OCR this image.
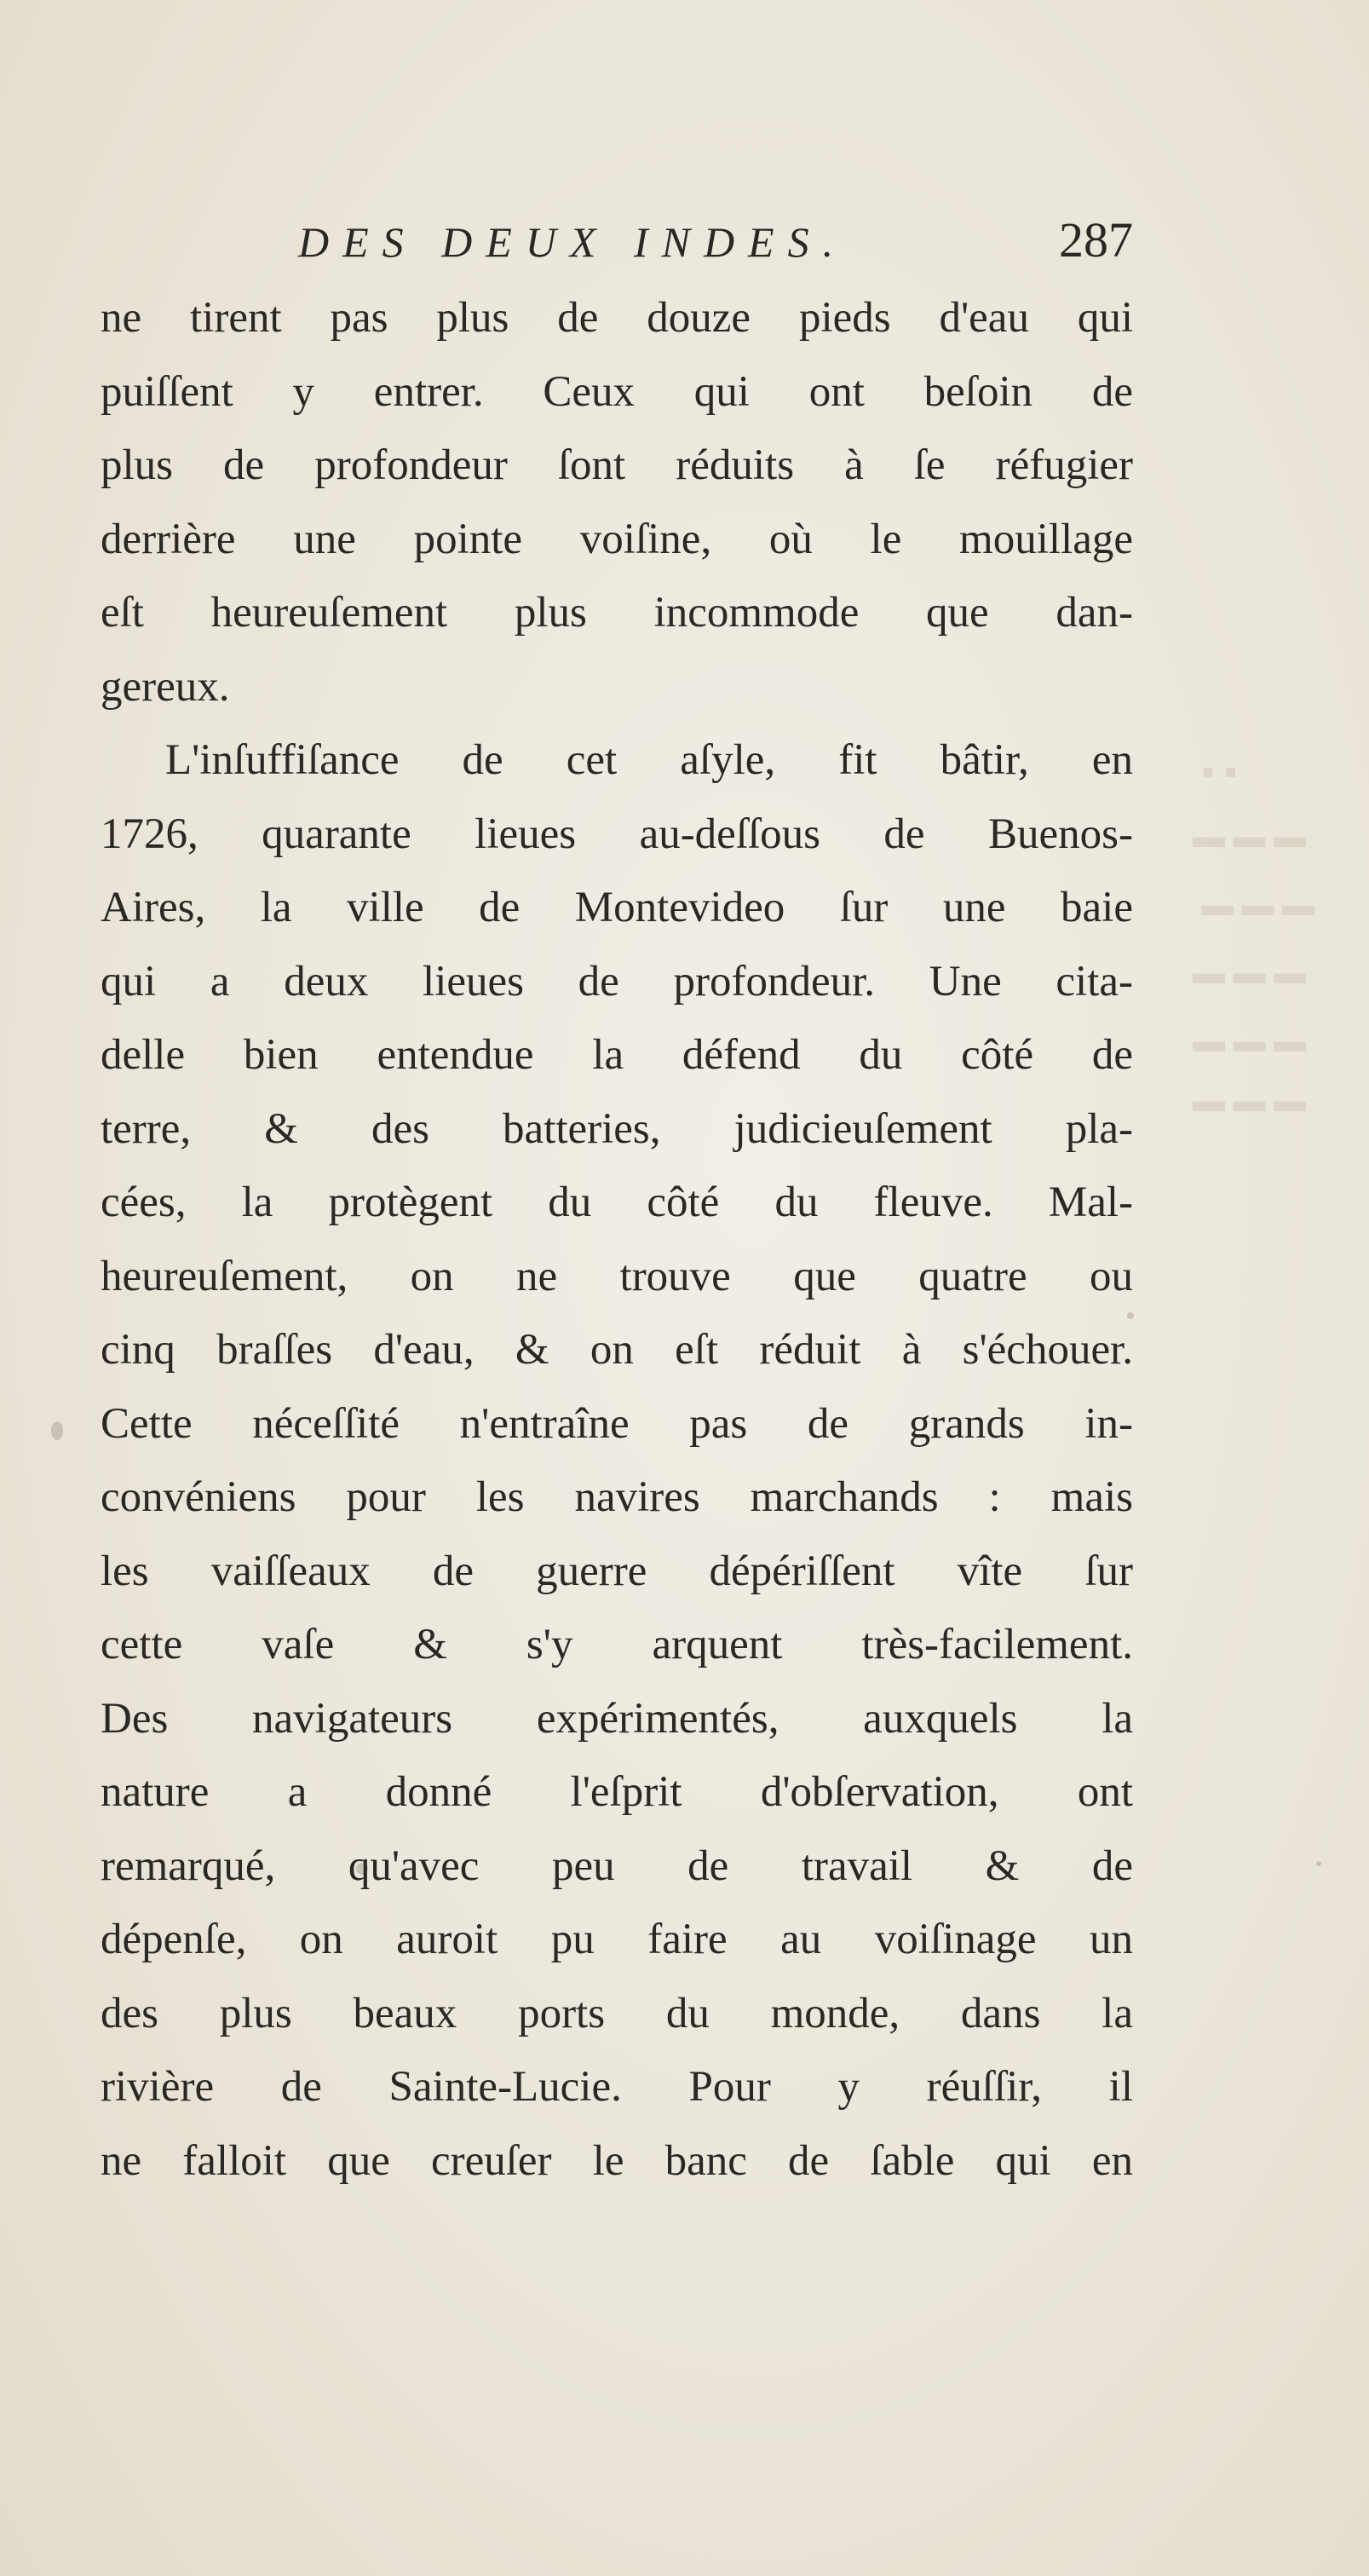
▪ ▪
▬ ▬ ▬
▬ ▬ ▬
▬ ▬ ▬
▬ ▬ ▬
▬ ▬ ▬
DES DEUX INDES.	287
ne tirent pas plus de douze pieds d'eau qui
puiſſent y entrer. Ceux qui ont beſoin de
plus de profondeur ſont réduits à ſe réfugier
derrière une pointe voiſine, où le mouillage
eſt heureuſement plus incommode que dan-
gereux.
L'inſuffiſance de cet aſyle, fit bâtir, en
1726, quarante lieues au-deſſous de Buenos-
Aires, la ville de Montevideo ſur une baie
qui a deux lieues de profondeur. Une cita-
delle bien entendue la défend du côté de
terre, & des batteries, judicieuſement pla-
cées, la protègent du côté du fleuve. Mal-
heureuſement, on ne trouve que quatre ou
cinq braſſes d'eau, & on eſt réduit à s'échouer.
Cette néceſſité n'entraîne pas de grands in-
convéniens pour les navires marchands : mais
les vaiſſeaux de guerre dépériſſent vîte ſur
cette vaſe & s'y arquent très-facilement.
Des navigateurs expérimentés, auxquels la
nature a donné l'eſprit d'obſervation, ont
remarqué, qu'avec peu de travail & de
dépenſe, on auroit pu faire au voiſinage un
des plus beaux ports du monde, dans la
rivière de Sainte-Lucie. Pour y réuſſir, il
ne falloit que creuſer le banc de ſable qui en
